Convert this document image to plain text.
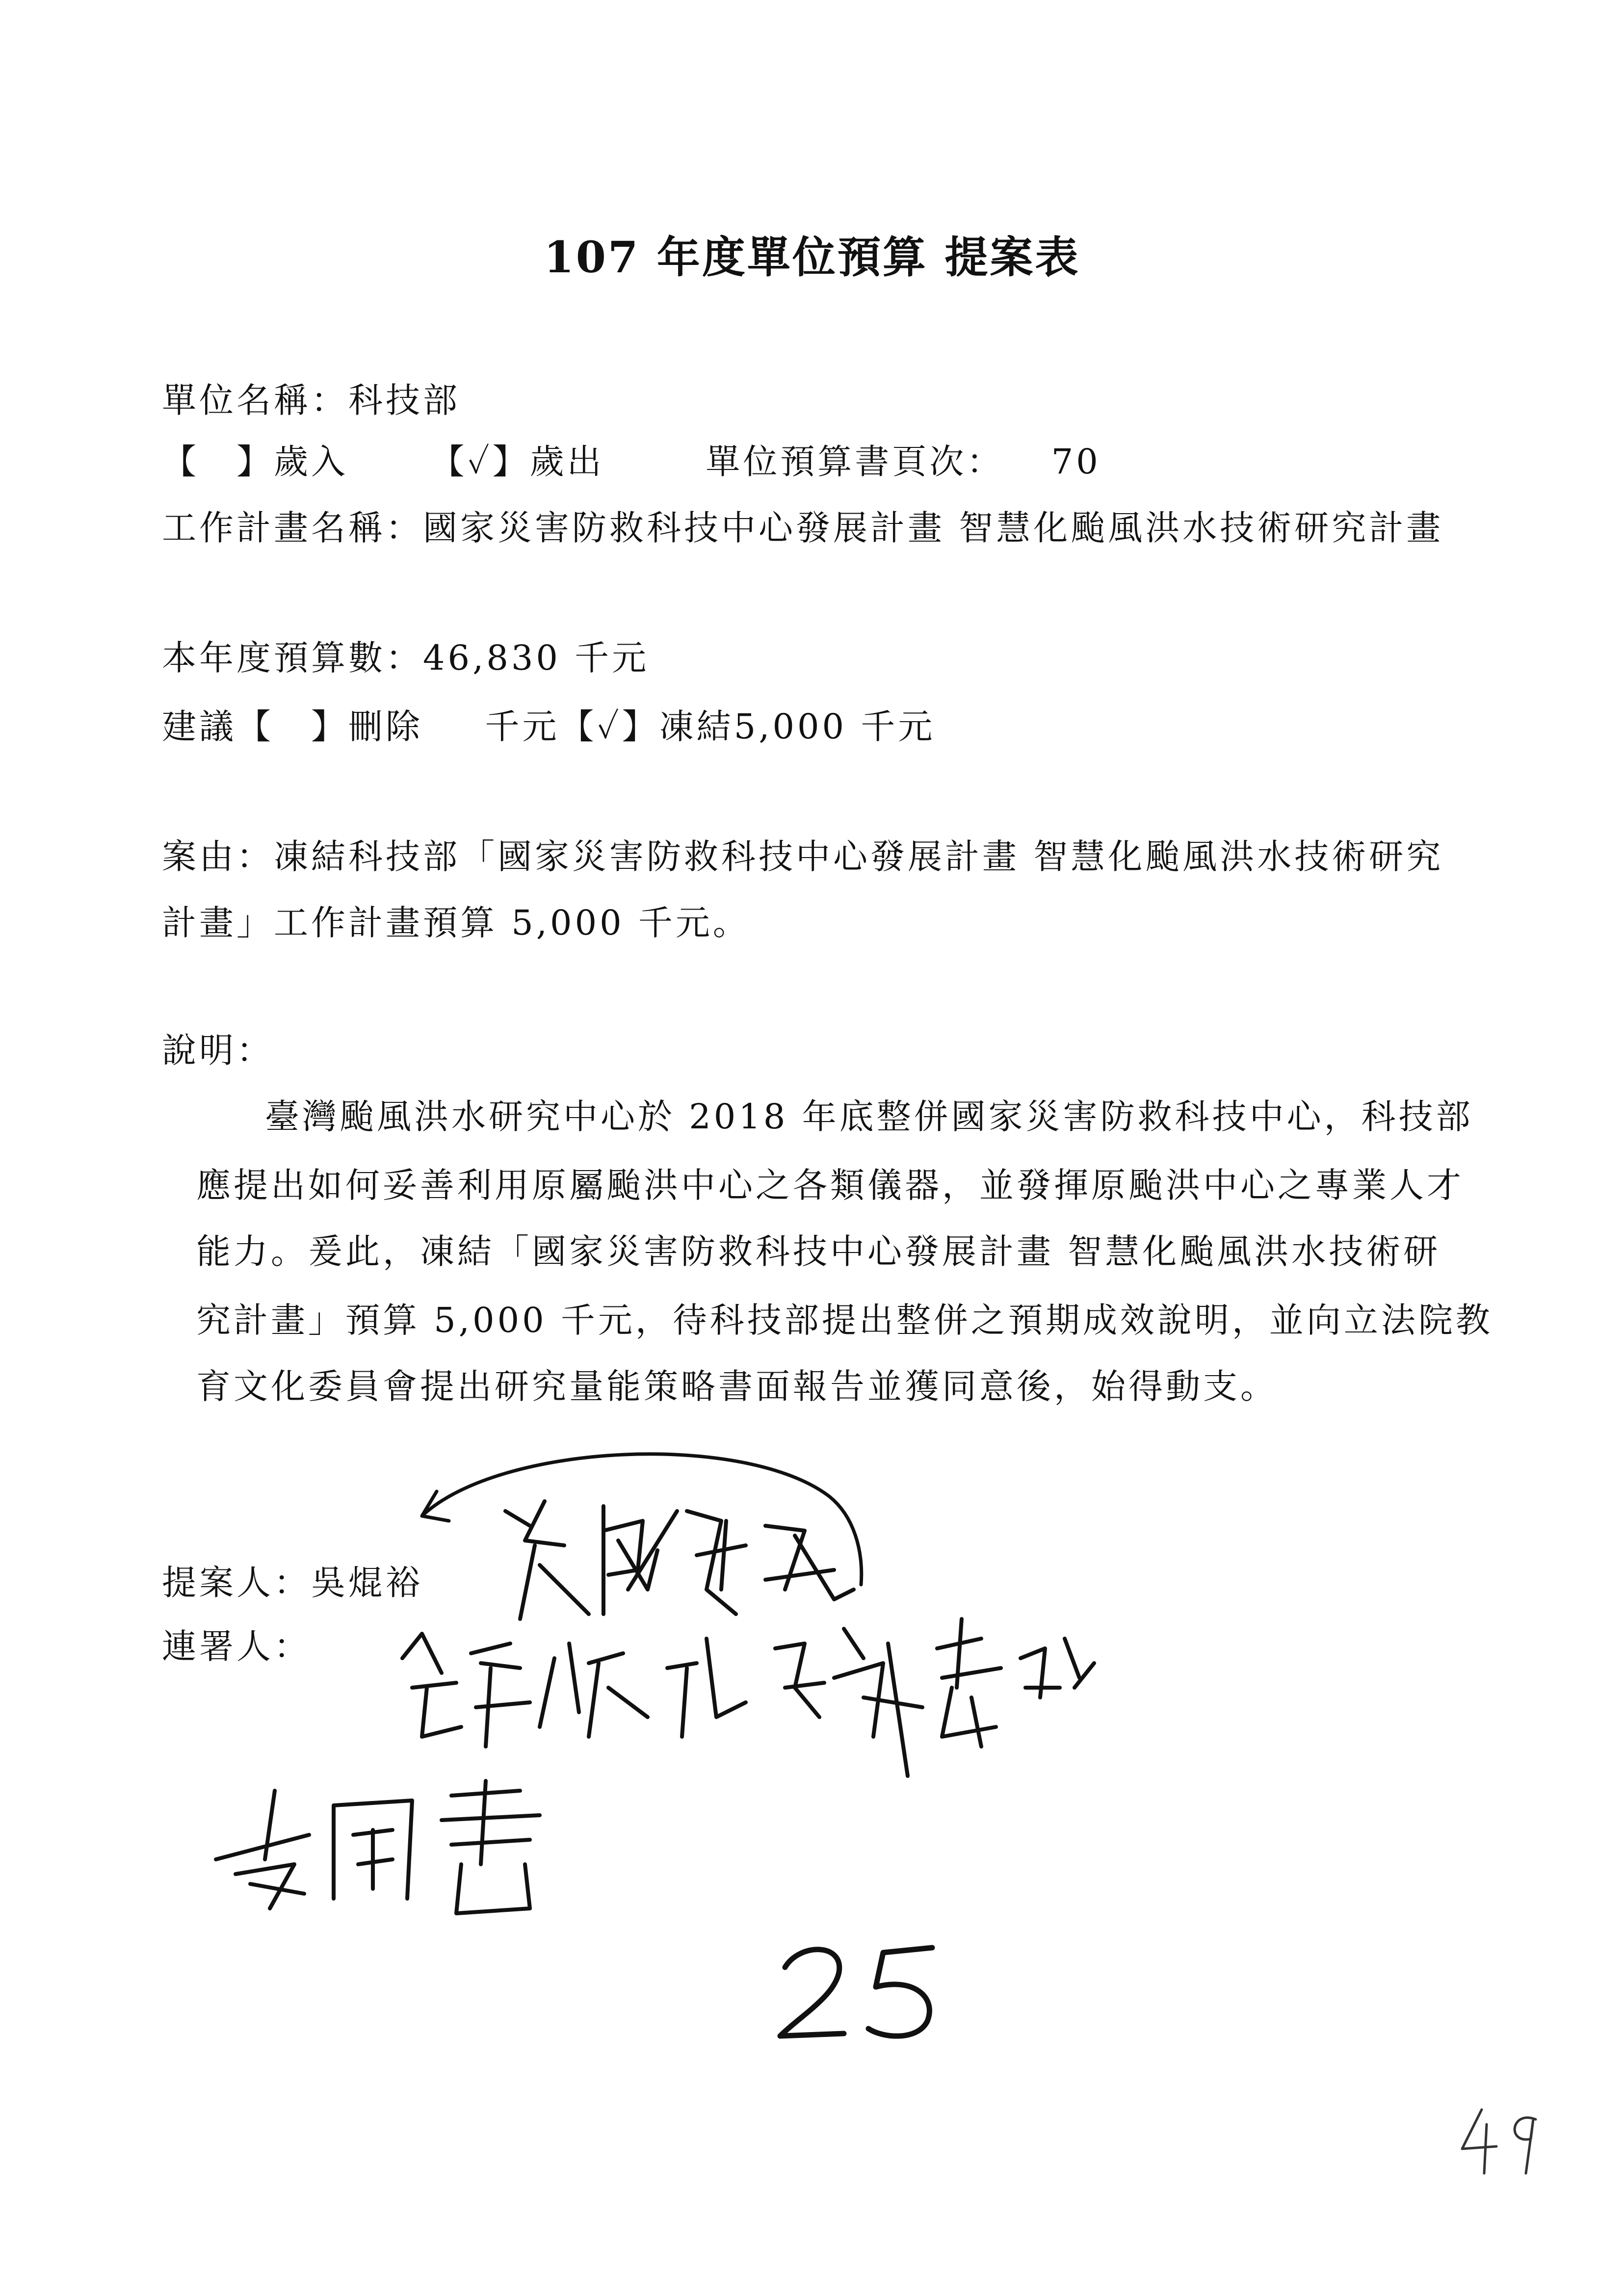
107 年度單位預算 提案表
單位名稱：科技部
【　】歲入 【✓】歲出	單位預算書頁次： 70
工作計畫名稱：國家災害防救科技中心發展計畫 智慧化颱風洪水技術研究計畫
本年度預算數：46,830 千元
建議【　】刪除 千元【✓】凍結5,000 千元
案由：凍結科技部「國家災害防救科技中心發展計畫 智慧化颱風洪水技術研究
計畫」工作計畫預算 5,000 千元。
說明：
臺灣颱風洪水研究中心於 2018 年底整併國家災害防救科技中心，科技部
應提出如何妥善利用原屬颱洪中心之各類儀器，並發揮原颱洪中心之專業人才
能力。爰此，凍結「國家災害防救科技中心發展計畫 智慧化颱風洪水技術研
究計畫」預算 5,000 千元，待科技部提出整併之預期成效說明，並向立法院教
育文化委員會提出研究量能策略書面報告並獲同意後，始得動支。
提案人：吳焜裕
連署人：
